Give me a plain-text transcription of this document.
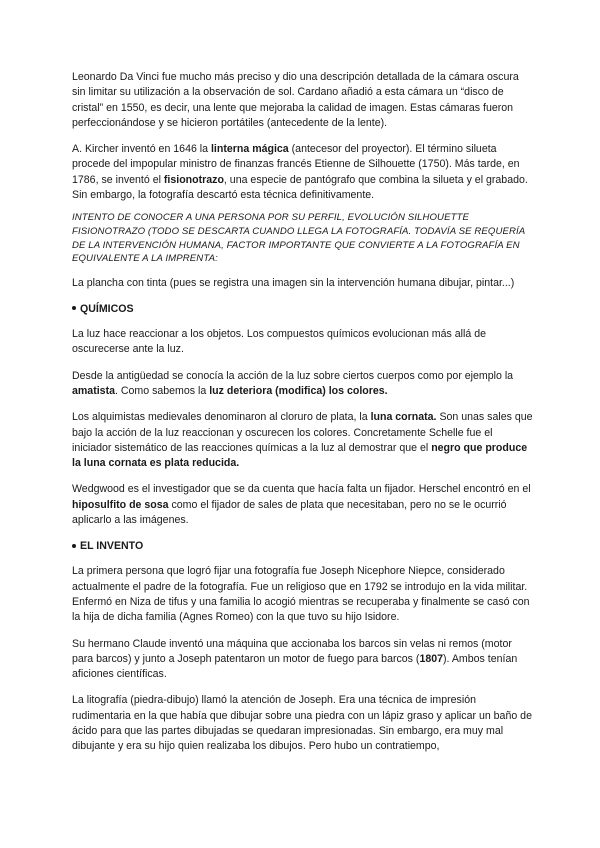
Leonardo Da Vinci fue mucho más preciso y dio una descripción detallada de la cámara oscura sin limitar su utilización a la observación de sol. Cardano añadió a esta cámara un “disco de cristal” en 1550, es decir, una lente que mejoraba la calidad de imagen. Estas cámaras fueron perfeccionándose y se hicieron portátiles (antecedente de la lente).

A. Kircher inventó en 1646 la linterna mágica (antecesor del proyector). El término silueta procede del impopular ministro de finanzas francés Etienne de Silhouette (1750). Más tarde, en 1786, se inventó el fisionotrazo, una especie de pantógrafo que combina la silueta y el grabado. Sin embargo, la fotografía descartó esta técnica definitivamente.

INTENTO DE CONOCER A UNA PERSONA POR SU PERFIL, EVOLUCIÓN SILHOUETTE FISIONOTRAZO (TODO SE DESCARTA CUANDO LLEGA LA FOTOGRAFÍA. TODAVÍA SE REQUERÍA DE LA INTERVENCIÓN HUMANA, FACTOR IMPORTANTE QUE CONVIERTE A LA FOTOGRAFÍA EN EQUIVALENTE A LA IMPRENTA:

La plancha con tinta (pues se registra una imagen sin la intervención humana dibujar, pintar...)

QUÍMICOS

La luz hace reaccionar a los objetos. Los compuestos químicos evolucionan más allá de oscurecerse ante la luz.

Desde la antigüedad se conocía la acción de la luz sobre ciertos cuerpos como por ejemplo la amatista. Como sabemos la luz deteriora (modifica) los colores.

Los alquimistas medievales denominaron al cloruro de plata, la luna cornata. Son unas sales que bajo la acción de la luz reaccionan y oscurecen los colores. Concretamente Schelle fue el iniciador sistemático de las reacciones químicas a la luz al demostrar que el negro que produce la luna cornata es plata reducida.

Wedgwood es el investigador que se da cuenta que hacía falta un fijador. Herschel encontró en el hiposulfito de sosa como el fijador de sales de plata que necesitaban, pero no se le ocurrió aplicarlo a las imágenes.

EL INVENTO

La primera persona que logró fijar una fotografía fue Joseph Nicephore Niepce, considerado actualmente el padre de la fotografía. Fue un religioso que en 1792 se introdujo en la vida militar. Enfermó en Niza de tifus y una familia lo acogió mientras se recuperaba y finalmente se casó con la hija de dicha familia (Agnes Romeo) con la que tuvo su hijo Isidore.

Su hermano Claude inventó una máquina que accionaba los barcos sin velas ni remos (motor para barcos) y junto a Joseph patentaron un motor de fuego para barcos (1807). Ambos tenían aficiones científicas.

La litografía (piedra-dibujo) llamó la atención de Joseph. Era una técnica de impresión rudimentaria en la que había que dibujar sobre una piedra con un lápiz graso y aplicar un baño de ácido para que las partes dibujadas se quedaran impresionadas. Sin embargo, era muy mal dibujante y era su hijo quien realizaba los dibujos. Pero hubo un contratiempo,
